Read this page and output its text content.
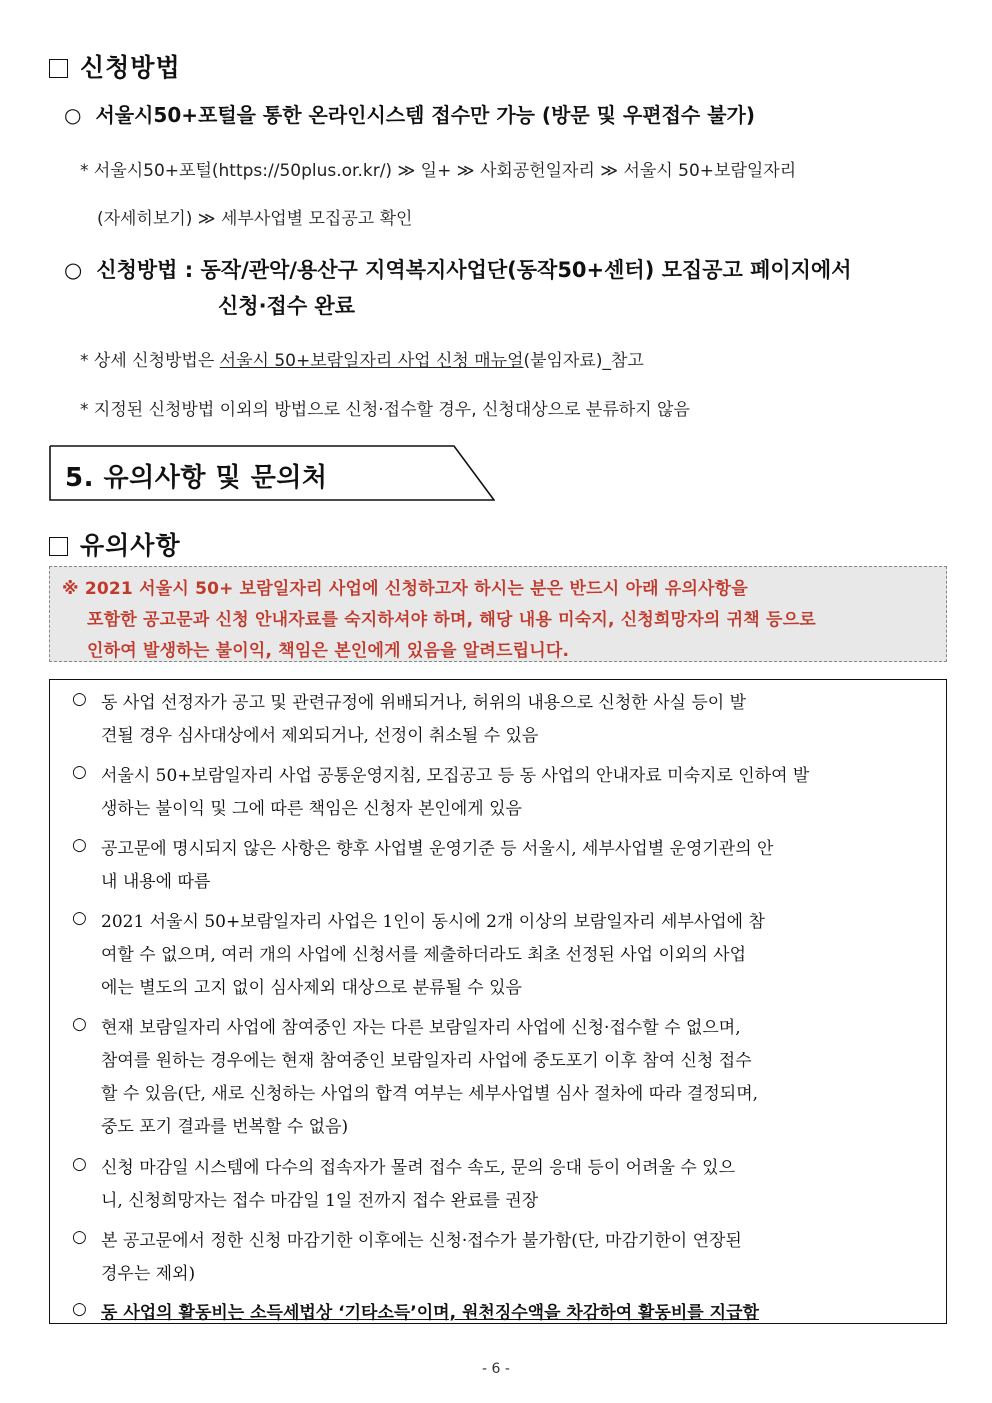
신청방법
○ 서울시50+포털을 통한 온라인시스템 접수만 가능 (방문 및 우편접수 불가)
* 서울시50+포털(https://50plus.or.kr/) ≫ 일+ ≫ 사회공헌일자리 ≫ 서울시 50+보람일자리
(자세히보기) ≫ 세부사업별 모집공고 확인
○ 신청방법 : 동작/관악/용산구 지역복지사업단(동작50+센터) 모집공고 페이지에서
신청·접수 완료
* 상세 신청방법은 서울시 50+보람일자리 사업 신청 매뉴얼(붙임자료)_참고
* 지정된 신청방법 이외의 방법으로 신청·접수할 경우, 신청대상으로 분류하지 않음
5. 유의사항 및 문의처
유의사항
※ 2021 서울시 50+ 보람일자리 사업에 신청하고자 하시는 분은 반드시 아래 유의사항을
포함한 공고문과 신청 안내자료를 숙지하셔야 하며, 해당 내용 미숙지, 신청희망자의 귀책 등으로
인하여 발생하는 불이익, 책임은 본인에게 있음을 알려드립니다.
○ 동 사업 선정자가 공고 및 관련규정에 위배되거나, 허위의 내용으로 신청한 사실 등이 발
견될 경우 심사대상에서 제외되거나, 선정이 취소될 수 있음
○ 서울시 50+보람일자리 사업 공통운영지침, 모집공고 등 동 사업의 안내자료 미숙지로 인하여 발
생하는 불이익 및 그에 따른 책임은 신청자 본인에게 있음
○ 공고문에 명시되지 않은 사항은 향후 사업별 운영기준 등 서울시, 세부사업별 운영기관의 안
내 내용에 따름
○ 2021 서울시 50+보람일자리 사업은 1인이 동시에 2개 이상의 보람일자리 세부사업에 참
여할 수 없으며, 여러 개의 사업에 신청서를 제출하더라도 최초 선정된 사업 이외의 사업
에는 별도의 고지 없이 심사제외 대상으로 분류될 수 있음
○ 현재 보람일자리 사업에 참여중인 자는 다른 보람일자리 사업에 신청·접수할 수 없으며,
참여를 원하는 경우에는 현재 참여중인 보람일자리 사업에 중도포기 이후 참여 신청 접수
할 수 있음(단, 새로 신청하는 사업의 합격 여부는 세부사업별 심사 절차에 따라 결정되며,
중도 포기 결과를 번복할 수 없음)
○ 신청 마감일 시스템에 다수의 접속자가 몰려 접수 속도, 문의 응대 등이 어려울 수 있으
니, 신청희망자는 접수 마감일 1일 전까지 접수 완료를 권장
○ 본 공고문에서 정한 신청 마감기한 이후에는 신청·접수가 불가함(단, 마감기한이 연장된
경우는 제외)
○ 동 사업의 활동비는 소득세법상 ‘기타소득’이며, 원천징수액을 차감하여 활동비를 지급함
- 6 -
